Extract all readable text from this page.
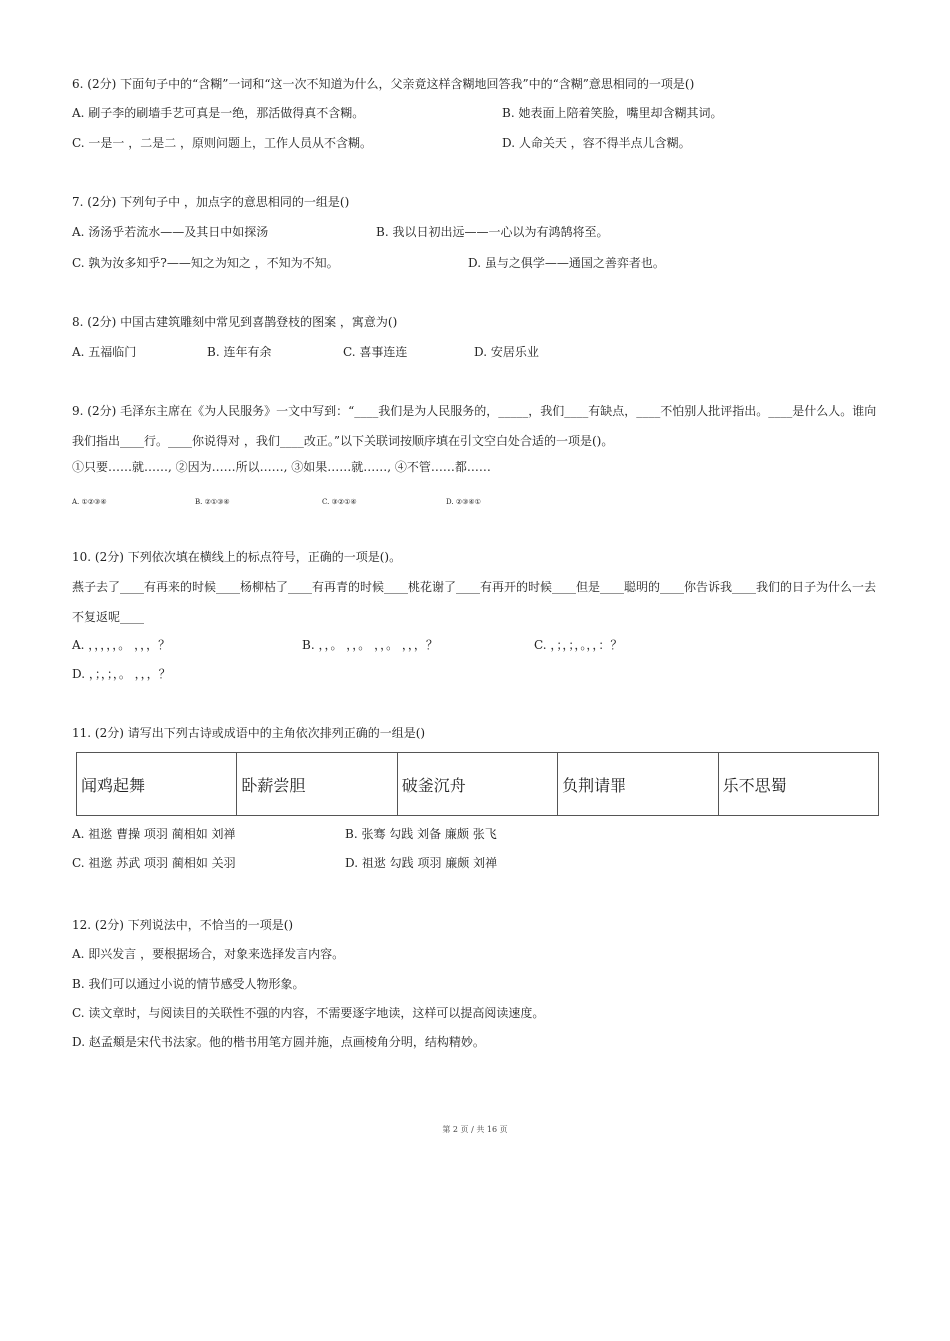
6. (2分) 下面句子中的“含糊”一词和“这一次不知道为什么，父亲竟这样含糊地回答我”中的“含糊”意思相同的一项是()
A. 刷子李的刷墙手艺可真是一绝，那活做得真不含糊。	B. 她表面上陪着笑脸，嘴里却含糊其词。
C. 一是一 ，二是二 ，原则问题上，工作人员从不含糊。	D. 人命关天 ，容不得半点儿含糊。
7. (2分) 下列句子中 ，加点字的意思相同的一组是()
A. 汤汤乎若流水——及其日中如探汤	B. 我以日初出远——一心以为有鸿鹄将至。
C. 孰为汝多知乎?——知之为知之 ，不知为不知。	D. 虽与之俱学——通国之善弈者也。
8. (2分) 中国古建筑雕刻中常见到喜鹊登枝的图案 ，寓意为()
A. 五福临门	B. 连年有余	C. 喜事连连	D. 安居乐业
9. (2分) 毛泽东主席在《为人民服务》一文中写到：“____我们是为人民服务的，_____，我们____有缺点，____不怕别人批评指出。____是什么人。谁向我们指出____行。____你说得对 ，我们____改正。”以下关联词按顺序填在引文空白处合适的一项是()。
①只要……就……, ②因为……所以……, ③如果……就……, ④不管……都……
A. ①②③④	B. ②①③④	C. ③②①④	D. ②③④①
10. (2分) 下列依次填在横线上的标点符号，正确的一项是()。
燕子去了____有再来的时候____杨柳枯了____有再青的时候____桃花谢了____有再开的时候____但是____聪明的____你告诉我____我们的日子为什么一去不复返呢____
A. ，，，，，。 ，，，？	B. ，，。 ，，。 ，，。 ，，，？	C. ，；，；，。，，：？
D. ，；，；，。 ，，，？
11. (2分) 请写出下列古诗或成语中的主角依次排列正确的一组是()
闻鸡起舞	卧薪尝胆	破釜沉舟	负荆请罪	乐不思蜀
A. 祖逖 曹操 项羽 蔺相如 刘禅	B. 张骞 勾践 刘备 廉颇 张飞
C. 祖逖 苏武 项羽 蔺相如 关羽	D. 祖逖 勾践 项羽 廉颇 刘禅
12. (2分) 下列说法中，不恰当的一项是()
A. 即兴发言 ，要根据场合，对象来选择发言内容。
B. 我们可以通过小说的情节感受人物形象。
C. 读文章时，与阅读目的关联性不强的内容，不需要逐字地读，这样可以提高阅读速度。
D. 赵孟頫是宋代书法家。他的楷书用笔方圆并施，点画棱角分明，结构精妙。
第 2 页 / 共 16 页
